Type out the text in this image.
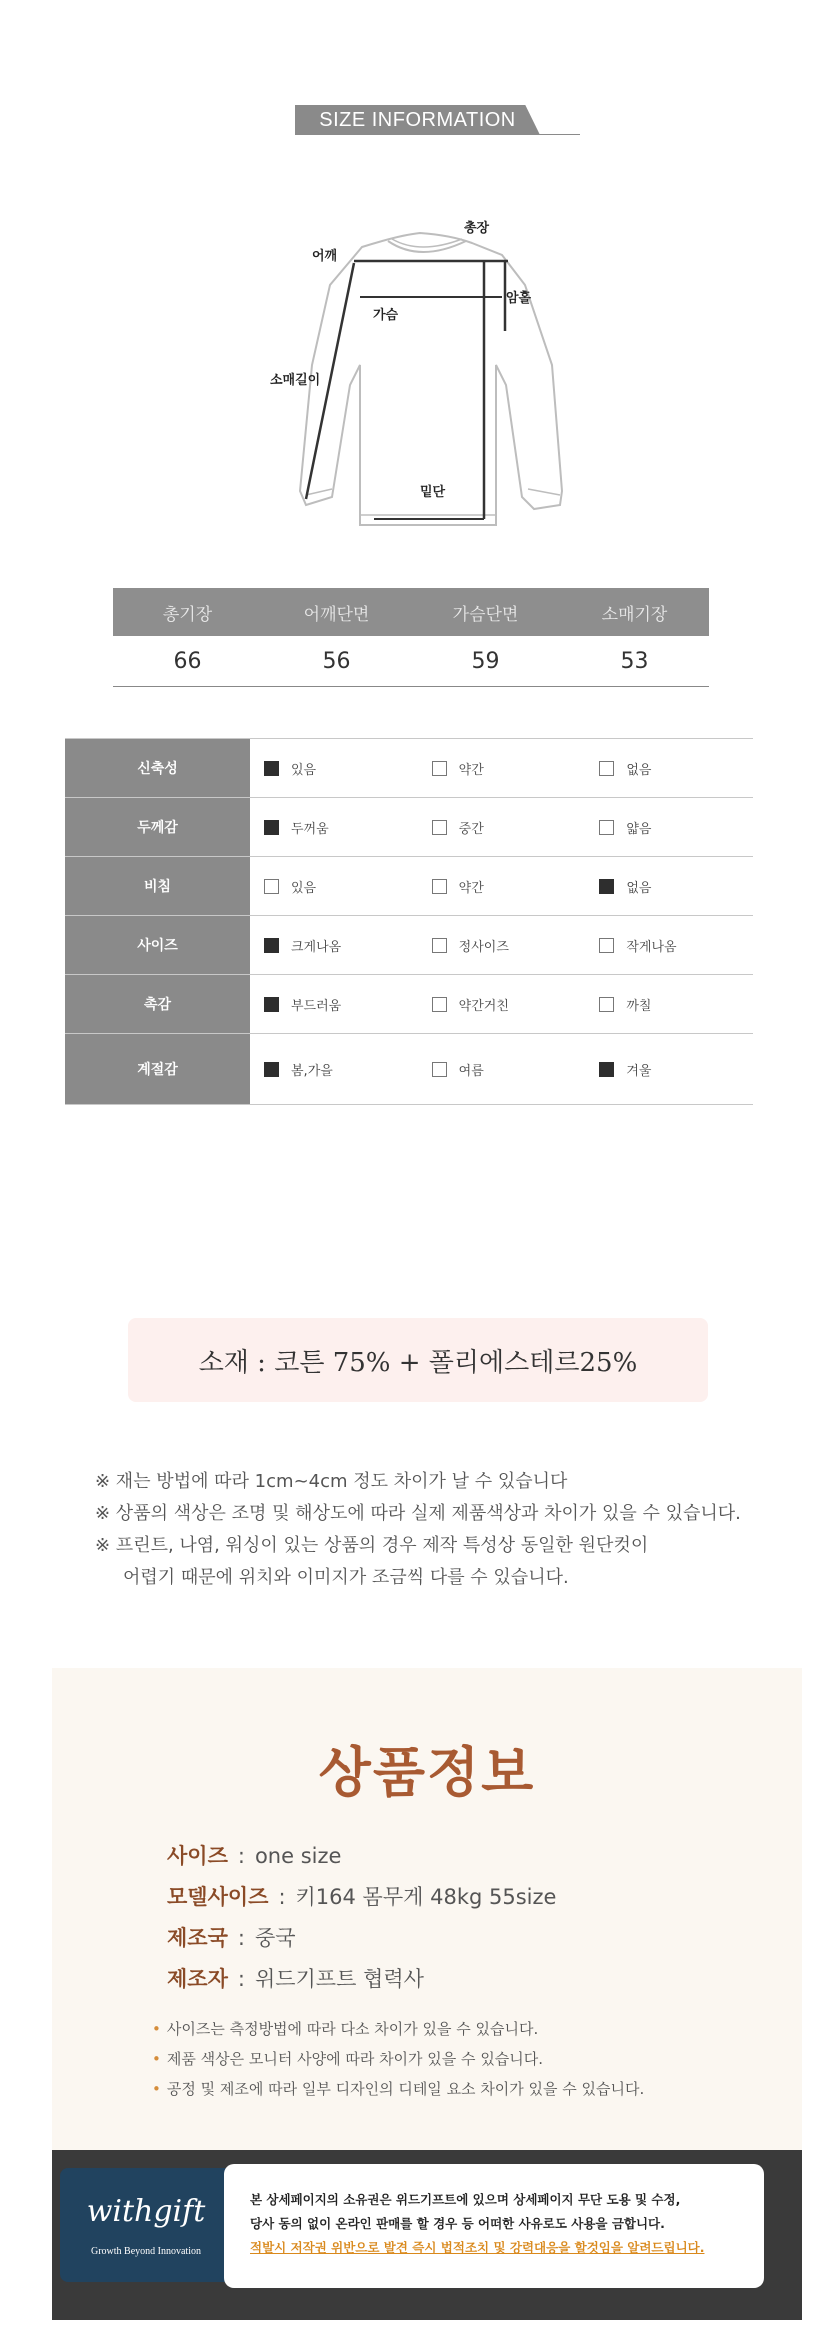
SIZE INFORMATION
총장
어깨
암홀
가슴
소매길이
밑단
총기장	어깨단면	가슴단면	소매기장
66	56	59	53
신축성	있음	약간	없음
두께감	두꺼움	중간	얇음
비침	있음	약간	없음
사이즈	크게나옴	정사이즈	작게나옴
촉감	부드러움	약간거친	까칠
계절감	봄,가을	여름	겨울
소재 : 코튼 75% + 폴리에스테르25%
※ 재는 방법에 따라 1cm~4cm 정도 차이가 날 수 있습니다
※ 상품의 색상은 조명 및 해상도에 따라 실제 제품색상과 차이가 있을 수 있습니다.
※ 프린트, 나염, 워싱이 있는 상품의 경우 제작 특성상 동일한 원단컷이
어렵기 때문에 위치와 이미지가 조금씩 다를 수 있습니다.
상품정보
사이즈 : one size
모델사이즈 : 키164 몸무게 48kg 55size
제조국 : 중국
제조자 : 위드기프트 협력사
• 사이즈는 측정방법에 따라 다소 차이가 있을 수 있습니다.
• 제품 색상은 모니터 사양에 따라 차이가 있을 수 있습니다.
• 공정 및 제조에 따라 일부 디자인의 디테일 요소 차이가 있을 수 있습니다.
withgift
Growth Beyond Innovation
본 상세페이지의 소유권은 위드기프트에 있으며 상세페이지 무단 도용 및 수정,
당사 동의 없이 온라인 판매를 할 경우 등 어떠한 사유로도 사용을 금합니다.
적발시 저작권 위반으로 발견 즉시 법적조치 및 강력대응을 할것임을 알려드립니다.
